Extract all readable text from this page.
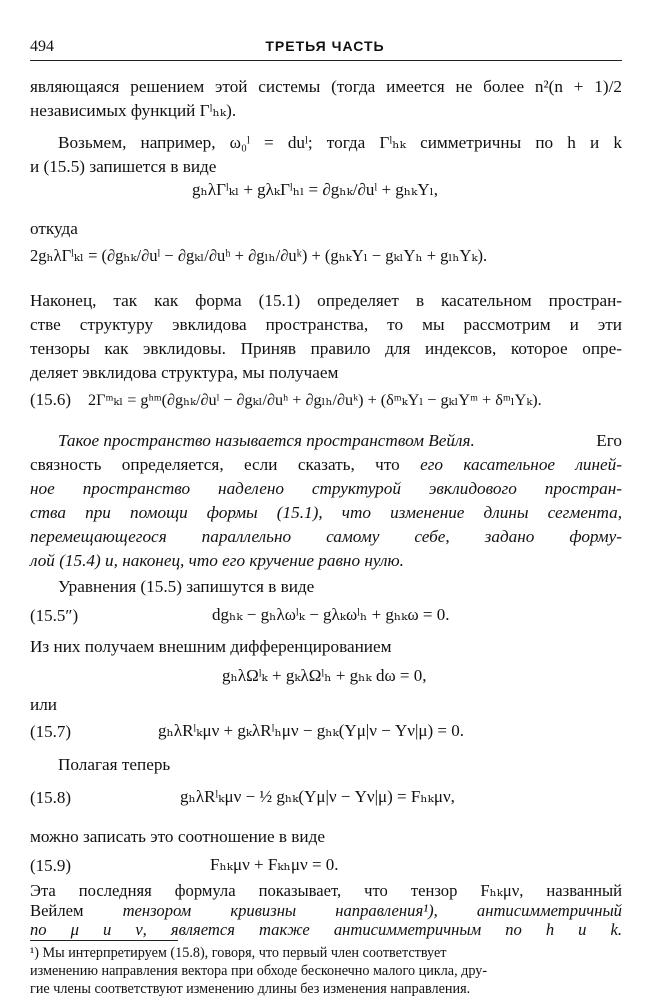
494	ТРЕТЬЯ ЧАСТЬ
являющаяся решением этой системы (тогда имеется не более n²(n + 1)/2
независимых функций Γˡₕₖ).
Возьмем, например, ω₀ˡ = duˡ; тогда Γˡₕₖ симметричны по h и k
и (15.5) запишется в виде
gₕλΓˡₖₗ + gλₖΓˡₕₗ = ∂gₕₖ/∂uˡ + gₕₖYₗ,
откуда
2gₕλΓˡₖₗ = (∂gₕₖ/∂uˡ − ∂gₖₗ/∂uʰ + ∂gₗₕ/∂uᵏ) + (gₕₖYₗ − gₖₗYₕ + gₗₕYₖ).
Наконец, так как форма (15.1) определяет в касательном простран-
стве структуру эвклидова пространства, то мы рассмотрим и эти
тензоры как эвклидовы. Приняв правило для индексов, которое опре-
деляет эвклидова структура, мы получаем
(15.6) 2Γᵐₖₗ = gʰᵐ(∂gₕₖ/∂uˡ − ∂gₖₗ/∂uʰ + ∂gₗₕ/∂uᵏ) + (δᵐₖYₗ − gₖₗYᵐ + δᵐₗYₖ).
Такое пространство называется пространством Вейля.	Его
связность определяется, если сказать, что его касательное линей-
ное пространство наделено структурой эвклидового простран-
ства при помощи формы (15.1), что изменение длины сегмента,
перемещающегося параллельно самому себе, задано форму-
лой (15.4) и, наконец, что его кручение равно нулю.
Уравнения (15.5) запишутся в виде
(15.5″)	dgₕₖ − gₕλωˡₖ − gλₖωˡₕ + gₕₖω = 0.
Из них получаем внешним дифференцированием
gₕλΩˡₖ + gₖλΩˡₕ + gₕₖ dω = 0,
или
(15.7)	gₕλRˡₖμν + gₖλRˡₕμν − gₕₖ(Yμ|ν − Yν|μ) = 0.
Полагая теперь
(15.8)	gₕλRˡₖμν − ½ gₕₖ(Yμ|ν − Yν|μ) = Fₕₖμν,
можно записать это соотношение в виде
(15.9)	Fₕₖμν + Fₖₕμν = 0.
Эта последняя формула показывает, что тензор Fₕₖμν, названный
Вейлем тензором кривизны направления¹), антисимметричный
¹) Мы интерпретируем (15.8), говоря, что первый член соответствует
изменению направления вектора при обходе бесконечно малого цикла, дру-
гие члены соответствуют изменению длины без изменения направления.
по μ и ν, является также антисимметричным по h и k.
